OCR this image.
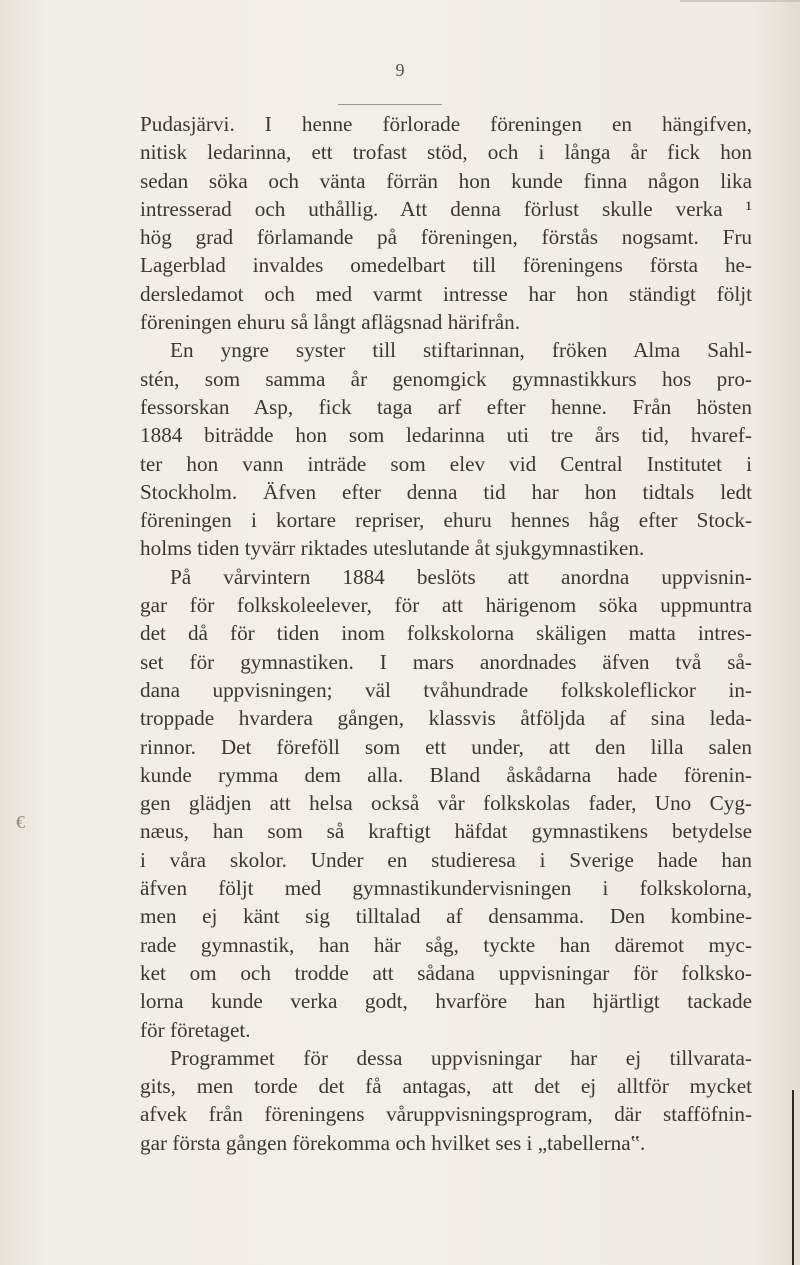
9
€
Pudasjärvi. I henne förlorade föreningen en hängifven,
nitisk ledarinna, ett trofast stöd, och i långa år fick hon
sedan söka och vänta förrän hon kunde finna någon lika
intresserad och uthållig. Att denna förlust skulle verka ¹
hög grad förlamande på föreningen, förstås nogsamt. Fru
Lagerblad invaldes omedelbart till föreningens första he-
dersledamot och med varmt intresse har hon ständigt följt
föreningen ehuru så långt aflägsnad härifrån.
En yngre syster till stiftarinnan, fröken Alma Sahl-
stén, som samma år genomgick gymnastikkurs hos pro-
fessorskan Asp, fick taga arf efter henne. Från hösten
1884 biträdde hon som ledarinna uti tre års tid, hvaref-
ter hon vann inträde som elev vid Central Institutet i
Stockholm. Äfven efter denna tid har hon tidtals ledt
föreningen i kortare repriser, ehuru hennes håg efter Stock-
holms tiden tyvärr riktades uteslutande åt sjukgymnastiken.
På vårvintern 1884 beslöts att anordna uppvisnin-
gar för folkskoleelever, för att härigenom söka uppmuntra
det då för tiden inom folkskolorna skäligen matta intres-
set för gymnastiken. I mars anordnades äfven två så-
dana uppvisningen; väl tvåhundrade folkskoleflickor in-
troppade hvardera gången, klassvis åtföljda af sina leda-
rinnor. Det föreföll som ett under, att den lilla salen
kunde rymma dem alla. Bland åskådarna hade förenin-
gen glädjen att helsa också vår folkskolas fader, Uno Cyg-
næus, han som så kraftigt häfdat gymnastikens betydelse
i våra skolor. Under en studieresa i Sverige hade han
äfven följt med gymnastikundervisningen i folkskolorna,
men ej känt sig tilltalad af densamma. Den kombine-
rade gymnastik, han här såg, tyckte han däremot myc-
ket om och trodde att sådana uppvisningar för folksko-
lorna kunde verka godt, hvarföre han hjärtligt tackade
för företaget.
Programmet för dessa uppvisningar har ej tillvarata-
gits, men torde det få antagas, att det ej alltför mycket
afvek från föreningens våruppvisningsprogram, där stafföfnin-
gar första gången förekomma och hvilket ses i „tabellerna‟.
